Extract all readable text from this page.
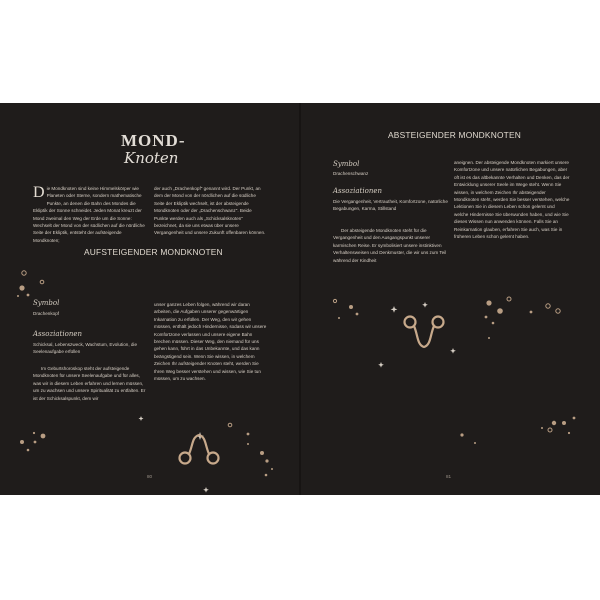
MOND-
Knoten
Die Mondknoten sind keine Himmelskörper wie Planeten oder Sterne, sondern mathematische Punkte, an denen die Bahn des Mondes die Ekliptik der Sonne schneidet. Jeden Monat kreuzt der Mond zweimal den Weg der Erde um die Sonne: Wechselt der Mond von der südlichen auf die nördliche Seite der Ekliptik, entsteht der aufsteigende Mondknoten;
der auch „Drachenkopf" genannt wird. Der Punkt, an dem der Mond von der nördlichen auf die südliche Seite der Ekliptik wechselt, ist der absteigende Mondknoten oder der „Drachenschwanz". Beide Punkte werden auch als „Schicksalsknoten" bezeichnet, da sie uns etwas über unsere Vergangenheit und unsere Zukunft offenbaren können.
AUFSTEIGENDER MONDKNOTEN
Symbol
Drachenkopf
Assoziationen
Schicksal, Lebenszweck, Wachstum, Evolution, die Seelenaufgabe erfüllen
Im Geburtshoroskop steht der aufsteigende Mondknoten für unsere Seelenaufgabe und für alles, was wir in diesem Leben erfahren und lernen müssen, um zu wachsen und unsere Spiritualität zu entfalten. Er ist der Schicksalspunkt, dem wir
unser ganzes Leben folgen, während wir daran arbeiten, die Aufgaben unserer gegenwärtigen Inkarnation zu erfüllen. Der Weg, den wir gehen müssen, enthält jedoch Hindernisse, sodass wir unsere Komfortzone verlassen und unsere eigene Bahn brechen müssen. Dieser Weg, den niemand für uns gehen kann, führt in das Unbekannte, und das kann beängstigend sein. Wenn Sie wissen, in welchem Zeichen Ihr aufsteigender Knoten steht, werden Sie Ihren Weg besser verstehen und wissen, wie Sie tun müssen, um zu wachsen.
80
ABSTEIGENDER MONDKNOTEN
Symbol
Drachenschwanz
Assoziationen
Die Vergangenheit, Vertrautheit, Komfortzone, natürliche Begabungen, Karma, Stillstand
Der absteigende Mondknoten steht für die Vergangenheit und den Ausgangspunkt unserer karmischen Reise. Er symbolisiert unsere instinktiven Verhaltensweisen und Denkmuster, die wir uns zum Teil während der Kindheit
aneignen. Der absteigende Mondknoten markiert unsere Komfortzone und unsere natürlichen Begabungen, aber oft ist es das altbekannte Verhalten und Denken, das der Entwicklung unserer Seele im Wege steht. Wenn Sie wissen, in welchem Zeichen Ihr absteigender Mondknoten steht, werden Sie besser verstehen, welche Lektionen Sie in diesem Leben schon gelernt und welche Hindernisse Sie überwunden haben, und wie Sie dieses Wissen nun anwenden können. Falls Sie an Reinkarnation glauben, erfahren Sie auch, was Sie in früheren Leben schon gelernt haben.
81
